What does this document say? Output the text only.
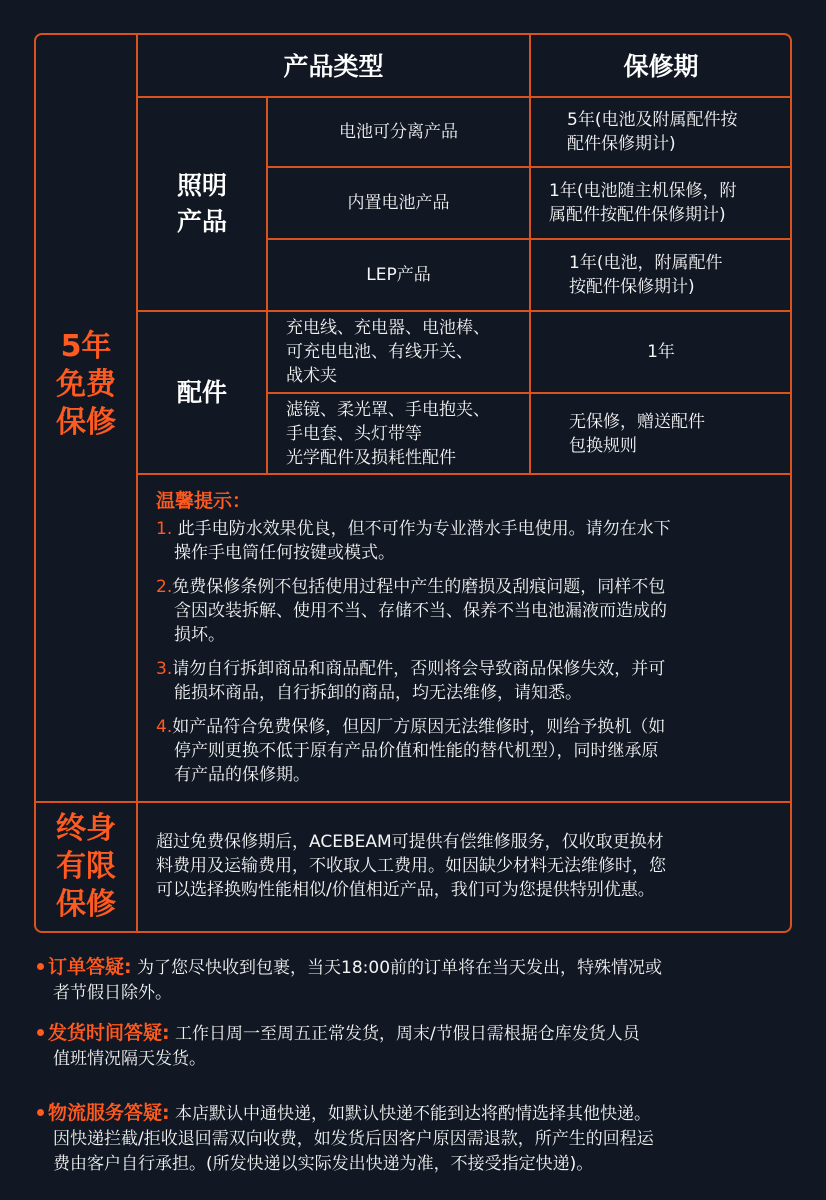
5年
免费
保修
终身
有限
保修
产品类型	保修期
照明
产品
配件
电池可分离产品
5年(电池及附属配件按
配件保修期计)
内置电池产品
1年(电池随主机保修，附
属配件按配件保修期计)
LEP产品
1年(电池，附属配件
按配件保修期计)
充电线、充电器、电池棒、
可充电电池、有线开关、
战术夹
1年
滤镜、柔光罩、手电抱夹、
手电套、头灯带等
光学配件及损耗性配件
无保修，赠送配件
包换规则
温馨提示：
1. 此手电防水效果优良，但不可作为专业潜水手电使用。请勿在水下
操作手电筒任何按键或模式。
2.免费保修条例不包括使用过程中产生的磨损及刮痕问题，同样不包
含因改装拆解、使用不当、存储不当、保养不当电池漏液而造成的
损坏。
3.请勿自行拆卸商品和商品配件，否则将会导致商品保修失效，并可
能损坏商品，自行拆卸的商品，均无法维修，请知悉。
4.如产品符合免费保修，但因厂方原因无法维修时，则给予换机（如
停产则更换不低于原有产品价值和性能的替代机型），同时继承原
有产品的保修期。
超过免费保修期后，ACEBEAM可提供有偿维修服务，仅收取更换材
料费用及运输费用，不收取人工费用。如因缺少材料无法维修时，您
可以选择换购性能相似/价值相近产品，我们可为您提供特别优惠。
订单答疑: 为了您尽快收到包裹，当天18:00前的订单将在当天发出，特殊情况或
者节假日除外。
发货时间答疑: 工作日周一至周五正常发货，周末/节假日需根据仓库发货人员
值班情况隔天发货。
物流服务答疑: 本店默认中通快递，如默认快递不能到达将酌情选择其他快递。
因快递拦截/拒收退回需双向收费，如发货后因客户原因需退款，所产生的回程运
费由客户自行承担。(所发快递以实际发出快递为准，不接受指定快递)。
